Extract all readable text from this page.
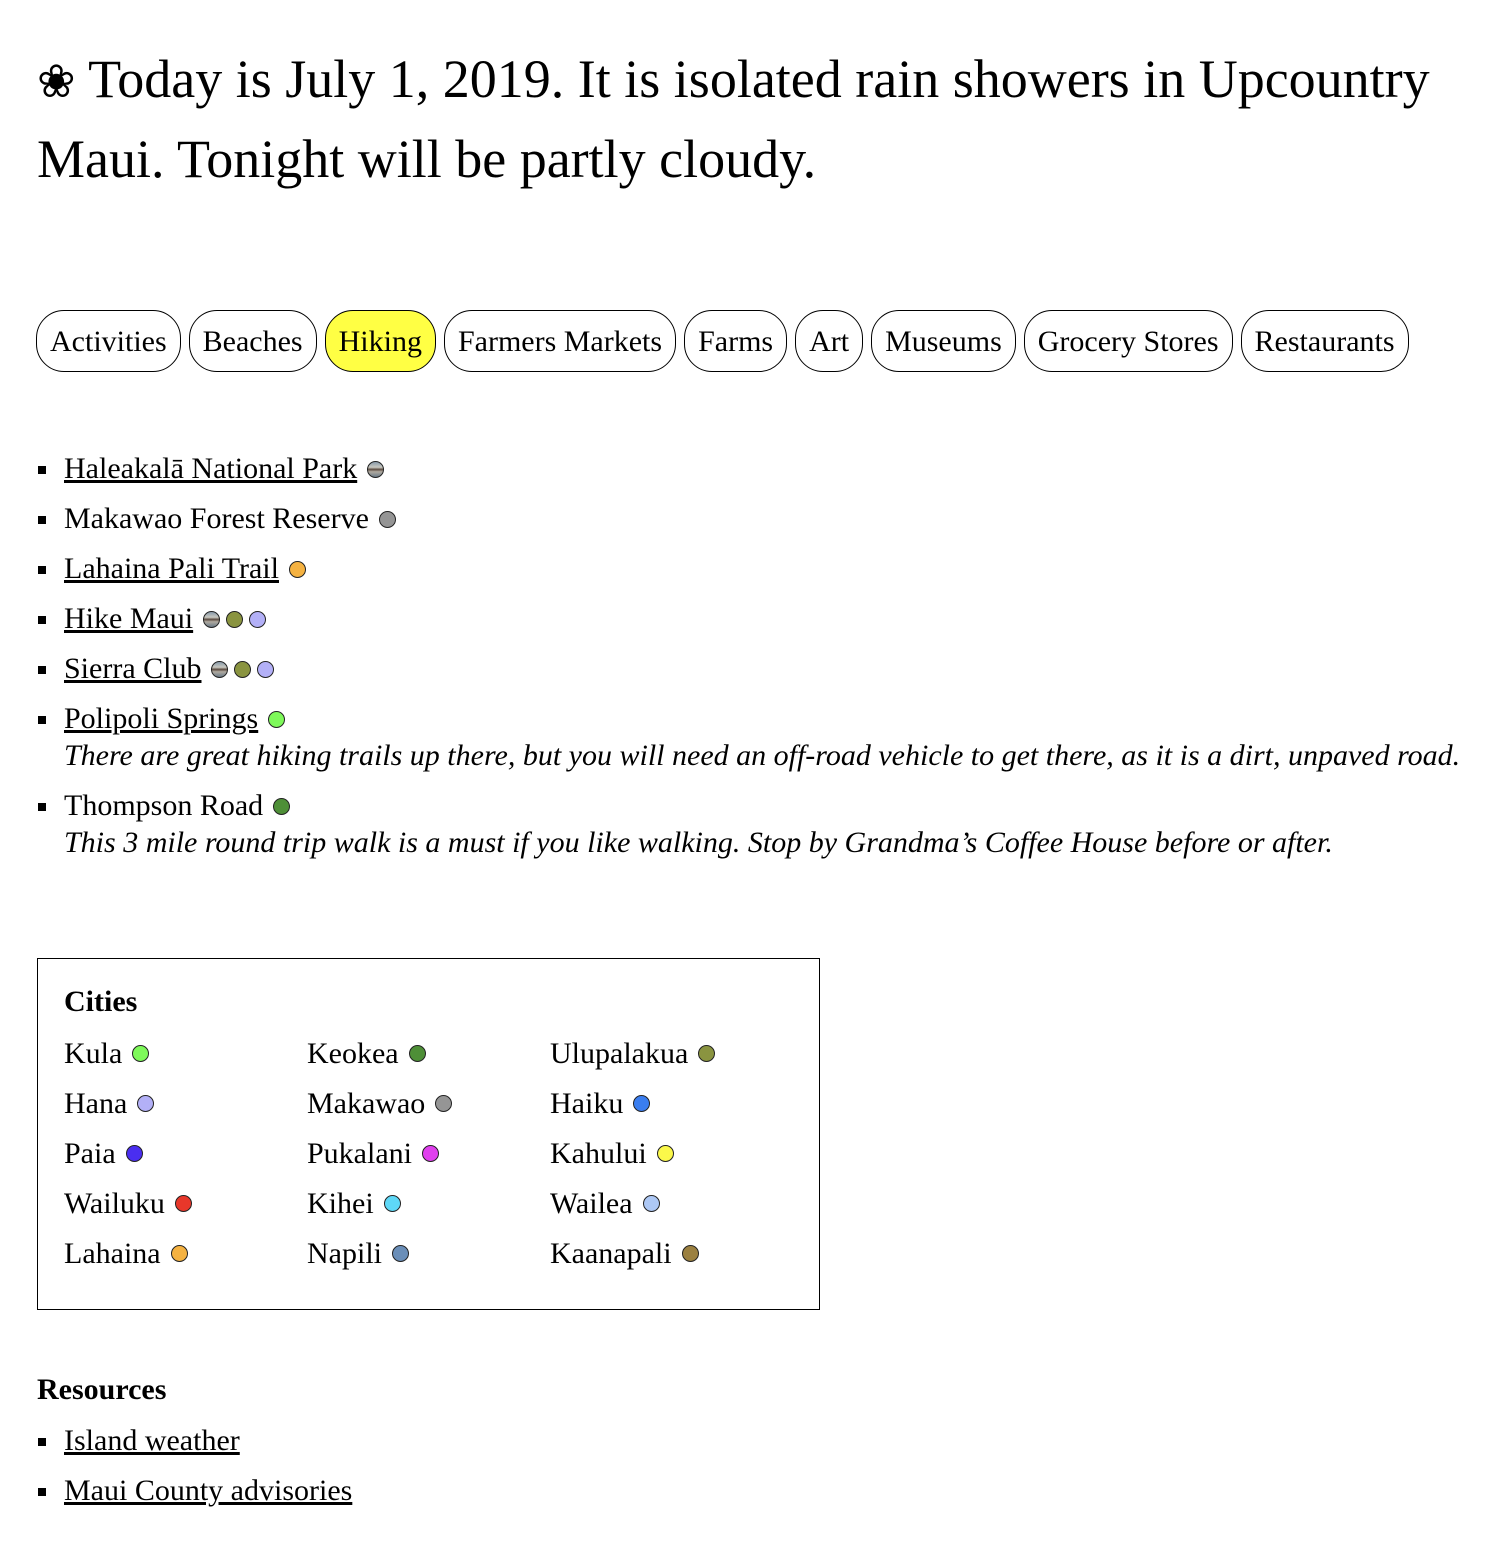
❀ Today is July 1, 2019. It is isolated rain showers in Upcountry Maui. Tonight will be partly cloudy.
Activities	Beaches	Hiking	Farmers Markets	Farms	Art	Museums	Grocery Stores	Restaurants
Haleakalā National Park
Makawao Forest Reserve
Lahaina Pali Trail
Hike Maui
Sierra Club
Polipoli Springs
There are great hiking trails up there, but you will need an off-road vehicle to get there, as it is a dirt, unpaved road.
Thompson Road
This 3 mile round trip walk is a must if you like walking. Stop by Grandma’s Coffee House before or after.
Cities
Kula	Keokea	Ulupalakua
Hana	Makawao	Haiku
Paia	Pukalani	Kahului
Wailuku	Kihei	Wailea
Lahaina	Napili	Kaanapali
Resources
Island weather
Maui County advisories
